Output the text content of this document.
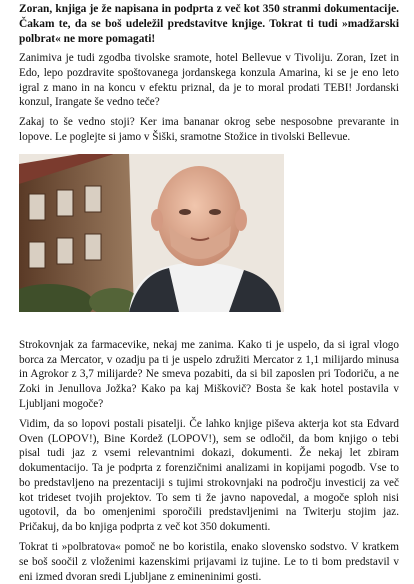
Zoran, knjiga je že napisana in podprta z več kot 350 stranmi dokumentacije. Čakam te, da se boš udeležil predstavitve knjige. Tokrat ti tudi »madžarski polbrat« ne more pomagati!

Zanimiva je tudi zgodba tivolske sramote, hotel Bellevue v Tivoliju. Zoran, Izet in Edo, lepo pozdravite spoštovanega jordanskega konzula Amarina, ki se je eno leto igral z mano in na koncu v efektu priznal, da je to moral prodati TEBI! Jordanski konzul, Irangate še vedno teče?

Zakaj to še vedno stoji? Ker ima bananar okrog sebe nesposobne prevarante in lopove. Le poglejte si jamo v Šiški, sramotne Stožice in tivolski Bellevue.

Strokovnjak za farmacevike, nekaj me zanima. Kako ti je uspelo, da si igral vlogo borca za Mercator, v ozadju pa ti je uspelo združiti Mercator z 1,1 milijardo minusa in Agrokor z 3,7 milijarde? Ne smeva pozabiti, da si bil zaposlen pri Todoriču, a ne Zoki in Jenullova Jožka? Kako pa kaj Miškovič? Bosta še kak hotel postavila v Ljubljani mogoče?

Vidim, da so lopovi postali pisatelji. Če lahko knjige piševa akterja kot sta Edvard Oven (LOPOV!), Bine Kordež (LOPOV!), sem se odločil, da bom knjigo o tebi pisal tudi jaz z vsemi relevantnimi dokazi, dokumenti. Že nekaj let zbiram dokumentacijo. Ta je podprta z forenzičnimi analizami in kopijami pogodb. Vse to bo predstavljeno na prezentaciji s tujimi strokovnjaki na področju investicij za več kot trideset tvojih projektov. To sem ti že javno napovedal, a mogoče sploh nisi ugotovil, da bo omenjenimi sporočili predstavljenimi na Twiterju stojim jaz. Pričakuj, da bo knjiga podprta z več kot 350 dokumenti.

Tokrat ti »polbratova« pomoč ne bo koristila, enako slovensko sodstvo. V kratkem se boš soočil z vloženimi kazenskimi prijavami iz tujine. Le to ti bom predstavil v eni izmed dvoran sredi Ljubljane z emineninimi gosti.
